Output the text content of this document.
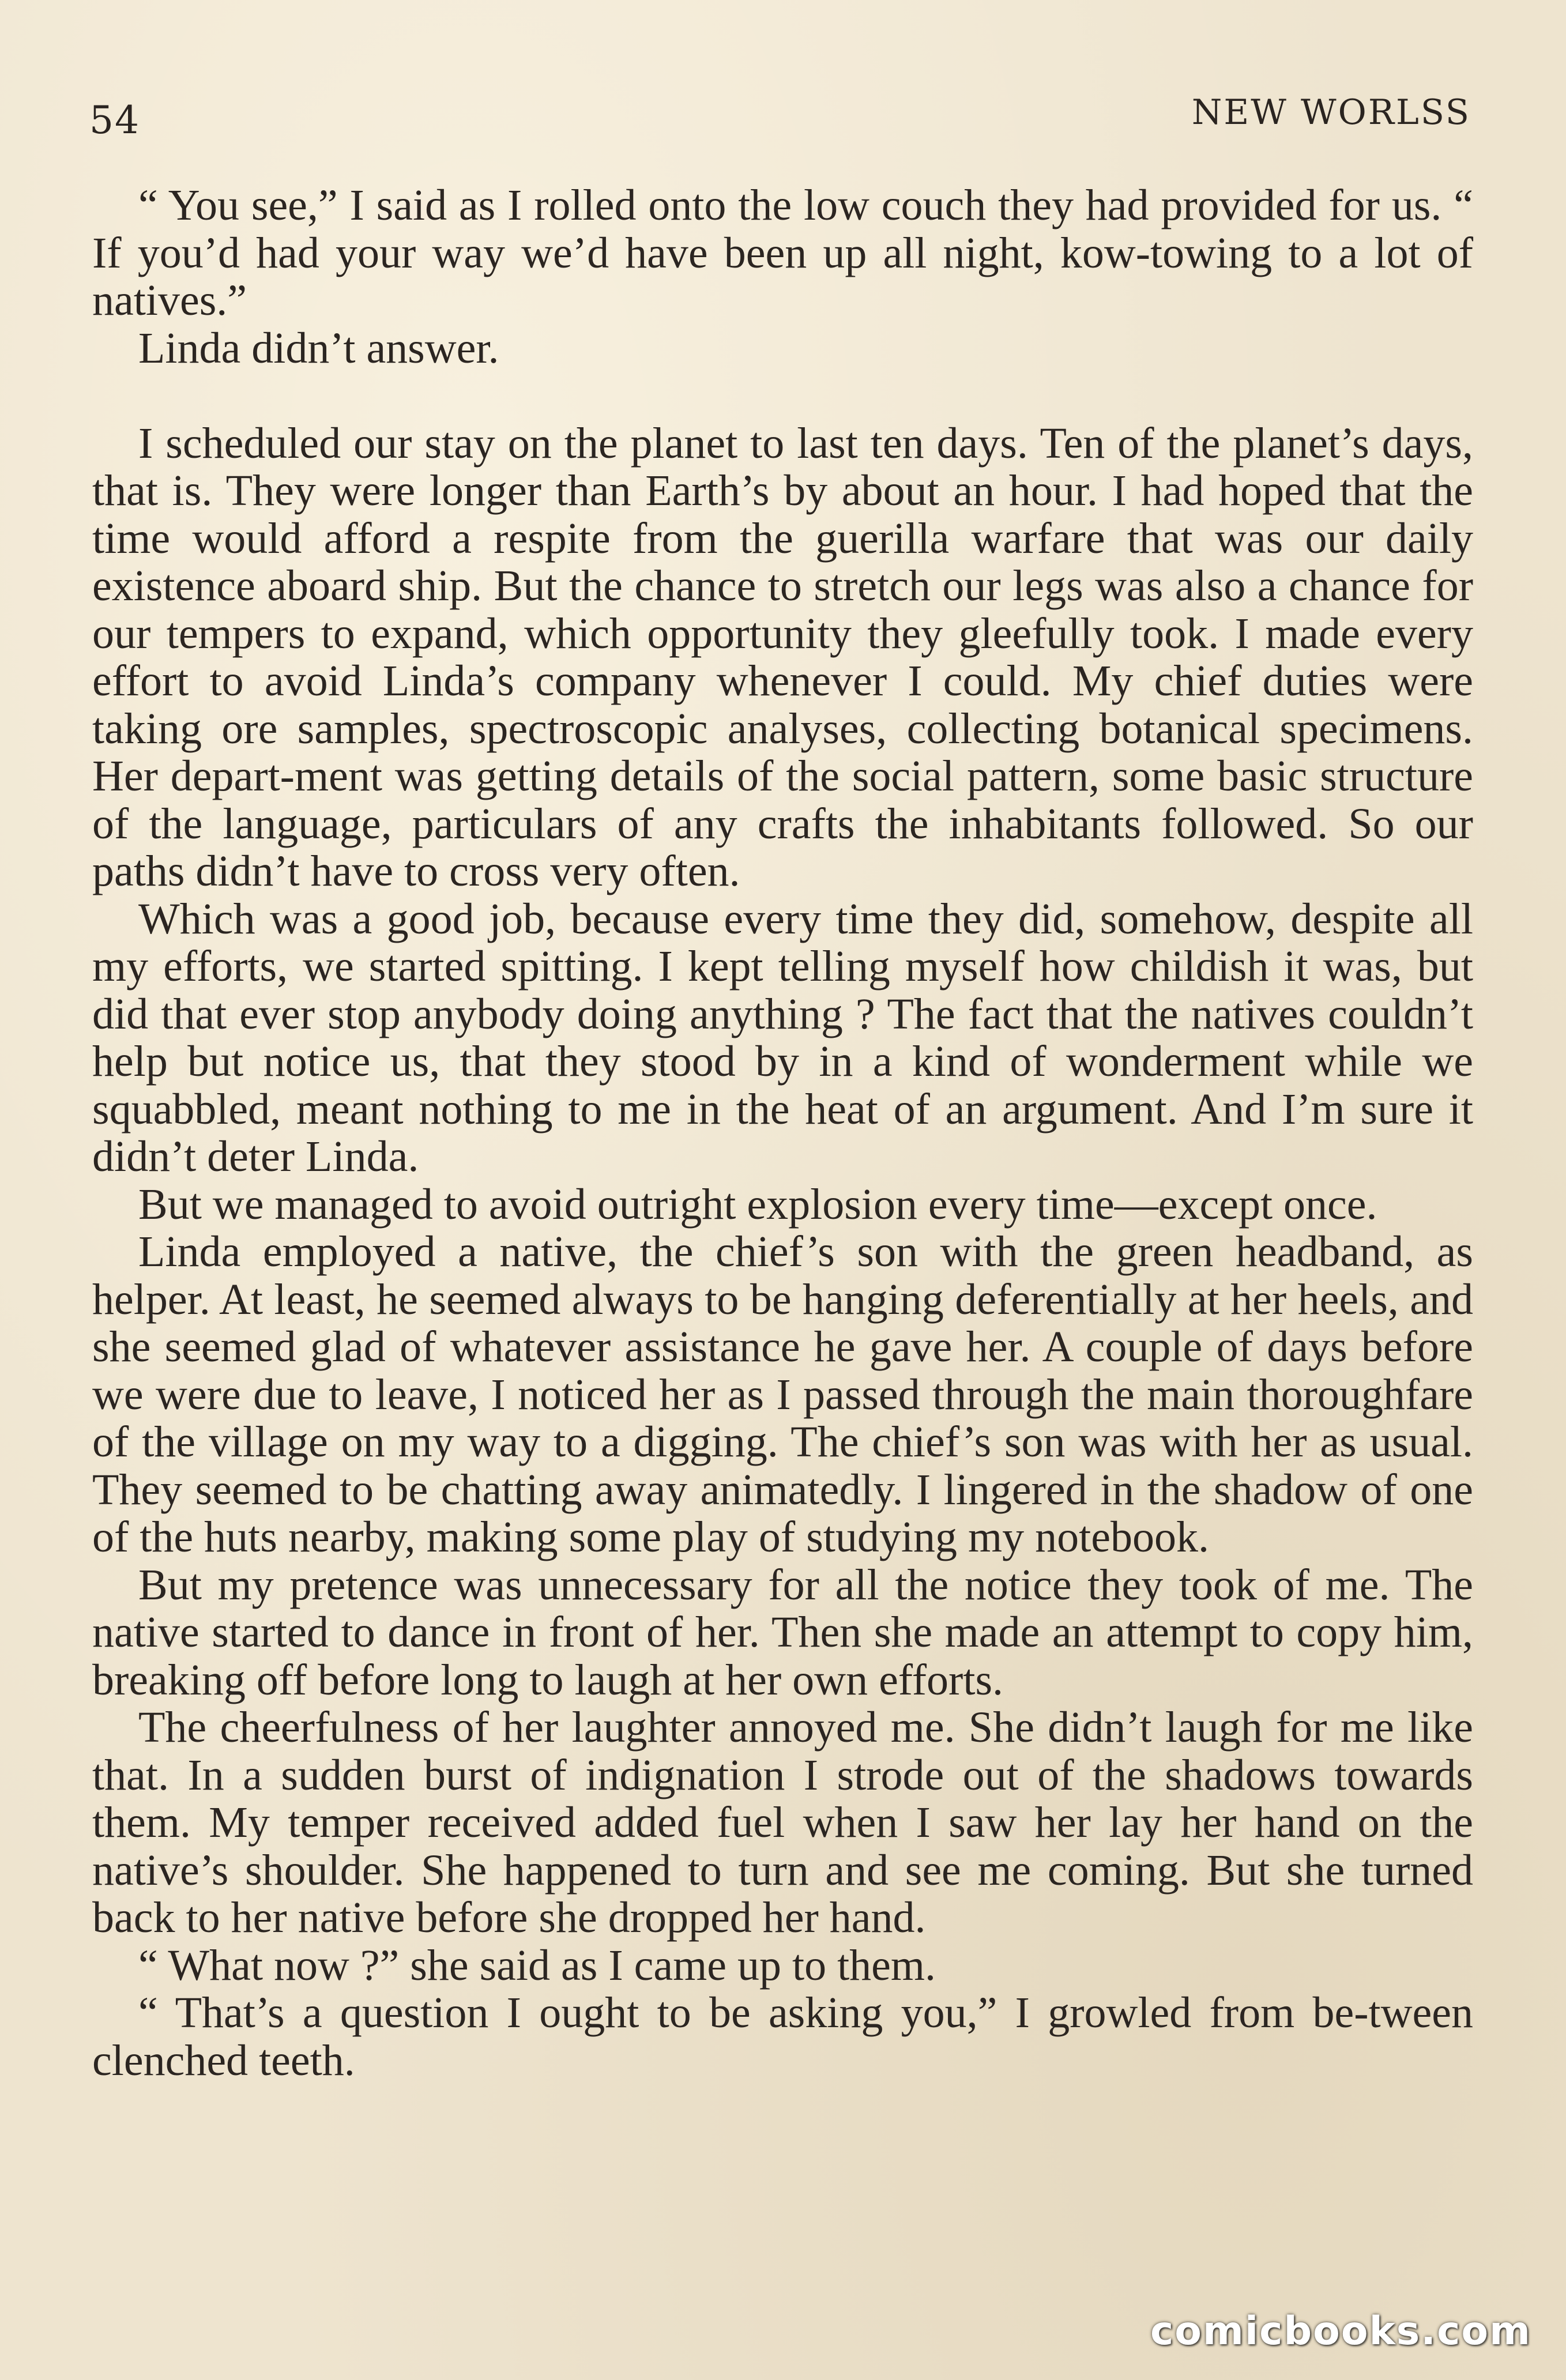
54	NEW WORLSS

“ You see,” I said as I rolled onto the low couch they had provided for us. “ If you’d had your way we’d have been up all night, kow-towing to a lot of natives.”

Linda didn’t answer.

I scheduled our stay on the planet to last ten days. Ten of the planet’s days, that is. They were longer than Earth’s by about an hour. I had hoped that the time would afford a respite from the guerilla warfare that was our daily existence aboard ship. But the chance to stretch our legs was also a chance for our tempers to expand, which opportunity they gleefully took. I made every effort to avoid Linda’s company whenever I could. My chief duties were taking ore samples, spectroscopic analyses, collecting botanical specimens. Her depart-ment was getting details of the social pattern, some basic structure of the language, particulars of any crafts the inhabitants followed. So our paths didn’t have to cross very often.

Which was a good job, because every time they did, somehow, despite all my efforts, we started spitting. I kept telling myself how childish it was, but did that ever stop anybody doing anything ? The fact that the natives couldn’t help but notice us, that they stood by in a kind of wonderment while we squabbled, meant nothing to me in the heat of an argument. And I’m sure it didn’t deter Linda.

But we managed to avoid outright explosion every time—except once.

Linda employed a native, the chief’s son with the green headband, as helper. At least, he seemed always to be hanging deferentially at her heels, and she seemed glad of whatever assistance he gave her. A couple of days before we were due to leave, I noticed her as I passed through the main thoroughfare of the village on my way to a digging. The chief’s son was with her as usual. They seemed to be chatting away animatedly. I lingered in the shadow of one of the huts nearby, making some play of studying my notebook.

But my pretence was unnecessary for all the notice they took of me. The native started to dance in front of her. Then she made an attempt to copy him, breaking off before long to laugh at her own efforts.

The cheerfulness of her laughter annoyed me. She didn’t laugh for me like that. In a sudden burst of indignation I strode out of the shadows towards them. My temper received added fuel when I saw her lay her hand on the native’s shoulder. She happened to turn and see me coming. But she turned back to her native before she dropped her hand.

“ What now ?” she said as I came up to them.

“ That’s a question I ought to be asking you,” I growled from be-tween clenched teeth.

comicbooks.com
